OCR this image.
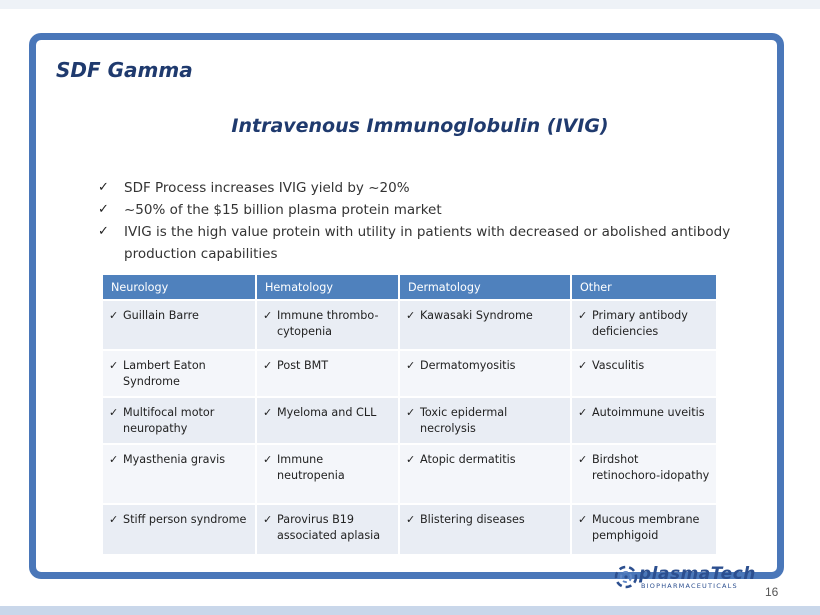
SDF Gamma
Intravenous Immunoglobulin (IVIG)
✓ SDF Process increases IVIG yield by ~20%
✓ ~50% of the $15 billion plasma protein market
✓ IVIG is the high value protein with utility in patients with decreased or abolished antibody production capabilities
Neurology	Hematology	Dermatology	Other

✓ Guillain Barre	✓ Immune thrombo-cytopenia	✓ Kawasaki Syndrome	✓ Primary antibody deficiencies

✓ Lambert Eaton Syndrome	✓ Post BMT	✓ Dermatomyositis	✓ Vasculitis

✓ Multifocal motor neuropathy	✓ Myeloma and CLL	✓ Toxic epidermal necrolysis	✓ Autoimmune uveitis

✓ Myasthenia gravis	✓ Immune neutropenia	✓ Atopic dermatitis	✓ Birdshot retinochoro-idopathy

✓ Stiff person syndrome	✓ Parovirus B19 associated aplasia	✓ Blistering diseases	✓ Mucous membrane pemphigoid
plasmaTech
BIOPHARMACEUTICALS 16
